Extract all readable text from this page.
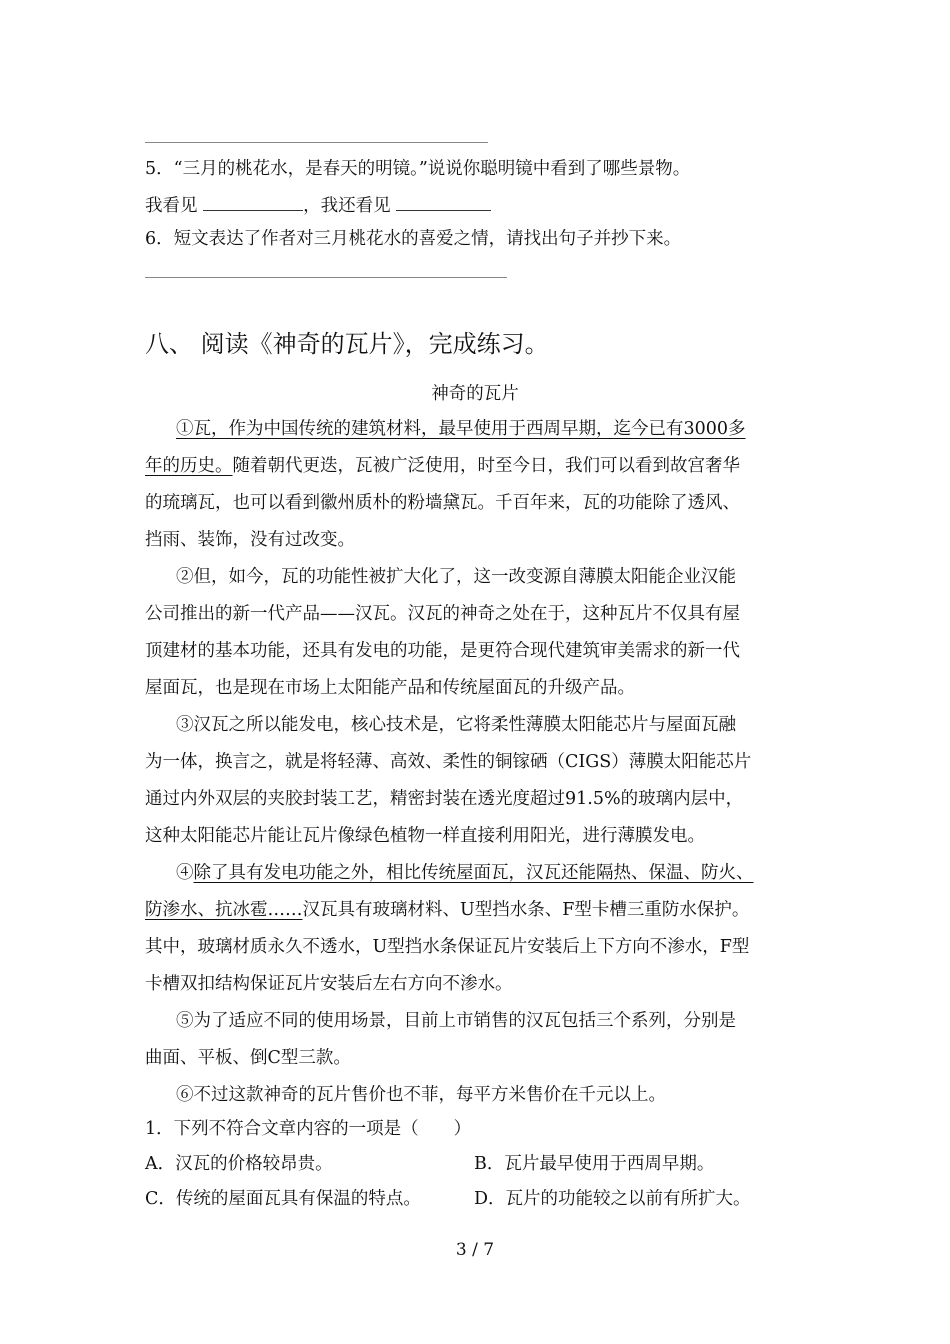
5．“三月的桃花水，是春天的明镜。”说说你聪明镜中看到了哪些景物。
我看见	，我还看见
6．短文表达了作者对三月桃花水的喜爱之情，请找出句子并抄下来。
八、 阅读《神奇的瓦片》，完成练习。
神奇的瓦片
①瓦，作为中国传统的建筑材料，最早使用于西周早期，迄今已有3000多
年的历史。随着朝代更迭，瓦被广泛使用，时至今日，我们可以看到故宫奢华
的琉璃瓦，也可以看到徽州质朴的粉墙黛瓦。千百年来，瓦的功能除了透风、
挡雨、装饰，没有过改变。
②但，如今，瓦的功能性被扩大化了，这一改变源自薄膜太阳能企业汉能
公司推出的新一代产品——汉瓦。汉瓦的神奇之处在于，这种瓦片不仅具有屋
顶建材的基本功能，还具有发电的功能，是更符合现代建筑审美需求的新一代
屋面瓦，也是现在市场上太阳能产品和传统屋面瓦的升级产品。
③汉瓦之所以能发电，核心技术是，它将柔性薄膜太阳能芯片与屋面瓦融
为一体，换言之，就是将轻薄、高效、柔性的铜镓硒（CIGS）薄膜太阳能芯片
通过内外双层的夹胶封装工艺，精密封装在透光度超过91.5%的玻璃内层中，
这种太阳能芯片能让瓦片像绿色植物一样直接利用阳光，进行薄膜发电。
④除了具有发电功能之外，相比传统屋面瓦，汉瓦还能隔热、保温、防火、
防渗水、抗冰雹……汉瓦具有玻璃材料、U型挡水条、F型卡槽三重防水保护。
其中，玻璃材质永久不透水，U型挡水条保证瓦片安装后上下方向不渗水，F型
卡槽双扣结构保证瓦片安装后左右方向不渗水。
⑤为了适应不同的使用场景，目前上市销售的汉瓦包括三个系列，分别是
曲面、平板、倒C型三款。
⑥不过这款神奇的瓦片售价也不菲，每平方米售价在千元以上。
1．下列不符合文章内容的一项是（　　）
A．汉瓦的价格较昂贵。	B．瓦片最早使用于西周早期。
C．传统的屋面瓦具有保温的特点。	D．瓦片的功能较之以前有所扩大。
3 / 7
